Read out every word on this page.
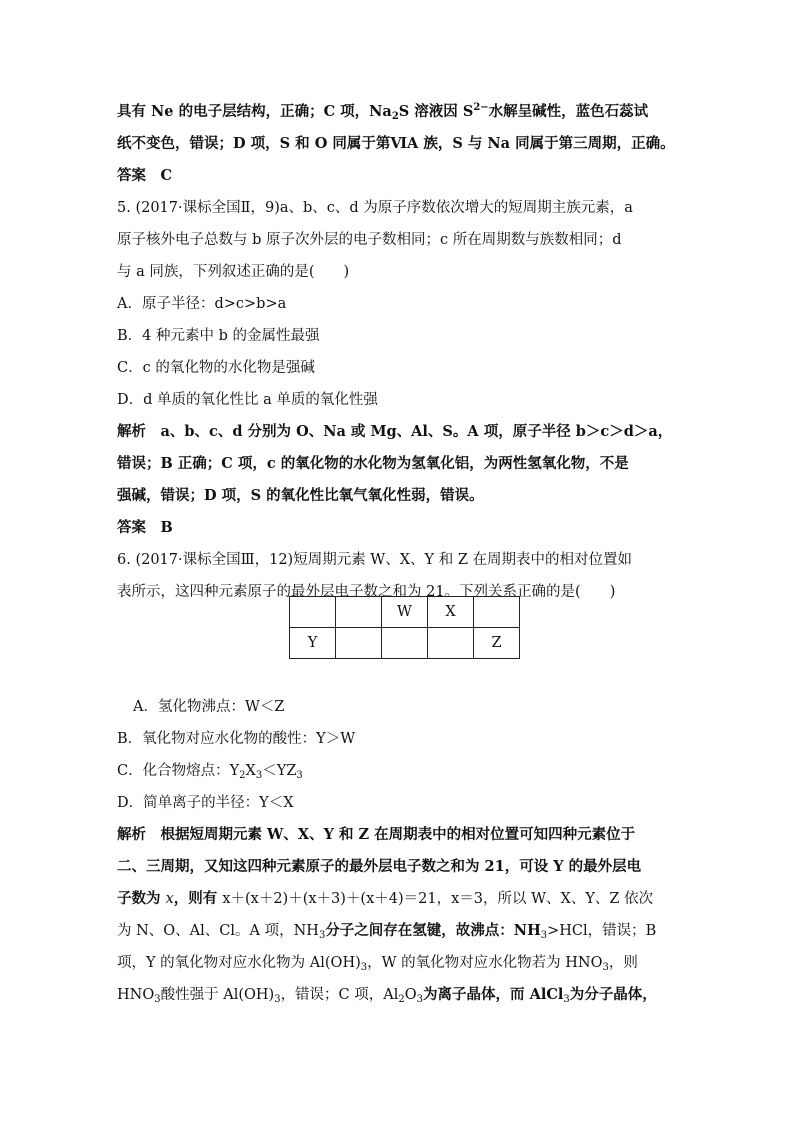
具有 Ne 的电子层结构，正确；C 项，$Na_2S$ 溶液因 $S^{2-}$水解呈碱性，蓝色石蕊试
纸不变色，错误；D 项，S 和 O 同属于第ⅥA 族，S 与 Na 同属于第三周期，正确。
答案　C
5. (2017·课标全国Ⅱ，9)a、b、c、d 为原子序数依次增大的短周期主族元素，a
原子核外电子总数与 b 原子次外层的电子数相同；c 所在周期数与族数相同；d
与 a 同族，下列叙述正确的是(　　)
A．原子半径：d>c>b>a
B．4 种元素中 b 的金属性最强
C．c 的氧化物的水化物是强碱
D．d 单质的氧化性比 a 单质的氧化性强
解析　a、b、c、d 分别为 O、Na 或 Mg、Al、S。A 项，原子半径 b＞c＞d＞a，
错误；B 正确；C 项，c 的氧化物的水化物为氢氧化铝，为两性氢氧化物，不是
强碱，错误；D 项，S 的氧化性比氧气氧化性弱，错误。
答案　B
6. (2017·课标全国Ⅲ，12)短周期元素 W、X、Y 和 Z 在周期表中的相对位置如
表所示，这四种元素原子的最外层电子数之和为 21。下列关系正确的是(　　)
		W	X	
Y				Z
A．氢化物沸点：W＜Z
B．氧化物对应水化物的酸性：Y＞W
C．化合物熔点：$Y_2X_3<YZ_3$
D．简单离子的半径：Y＜X
解析　根据短周期元素 W、X、Y 和 Z 在周期表中的相对位置可知四种元素位于
二、三周期，又知这四种元素原子的最外层电子数之和为 21，可设 Y 的最外层电
子数为 x，则有 x＋(x＋2)＋(x＋3)＋(x＋4)＝21，x＝3，所以 W、X、Y、Z 依次
为 N、O、Al、Cl。A 项，$NH_3$分子之间存在氢键，故沸点：$NH_3>HCl$，错误；B
项，Y 的氧化物对应水化物为 $Al(OH)_3$，W 的氧化物对应水化物若为 $HNO_3$，则
$HNO_3$酸性强于 $Al(OH)_3$，错误；C 项，$Al_2O_3$为离子晶体，而 AlCl$_3$为分子晶体，
